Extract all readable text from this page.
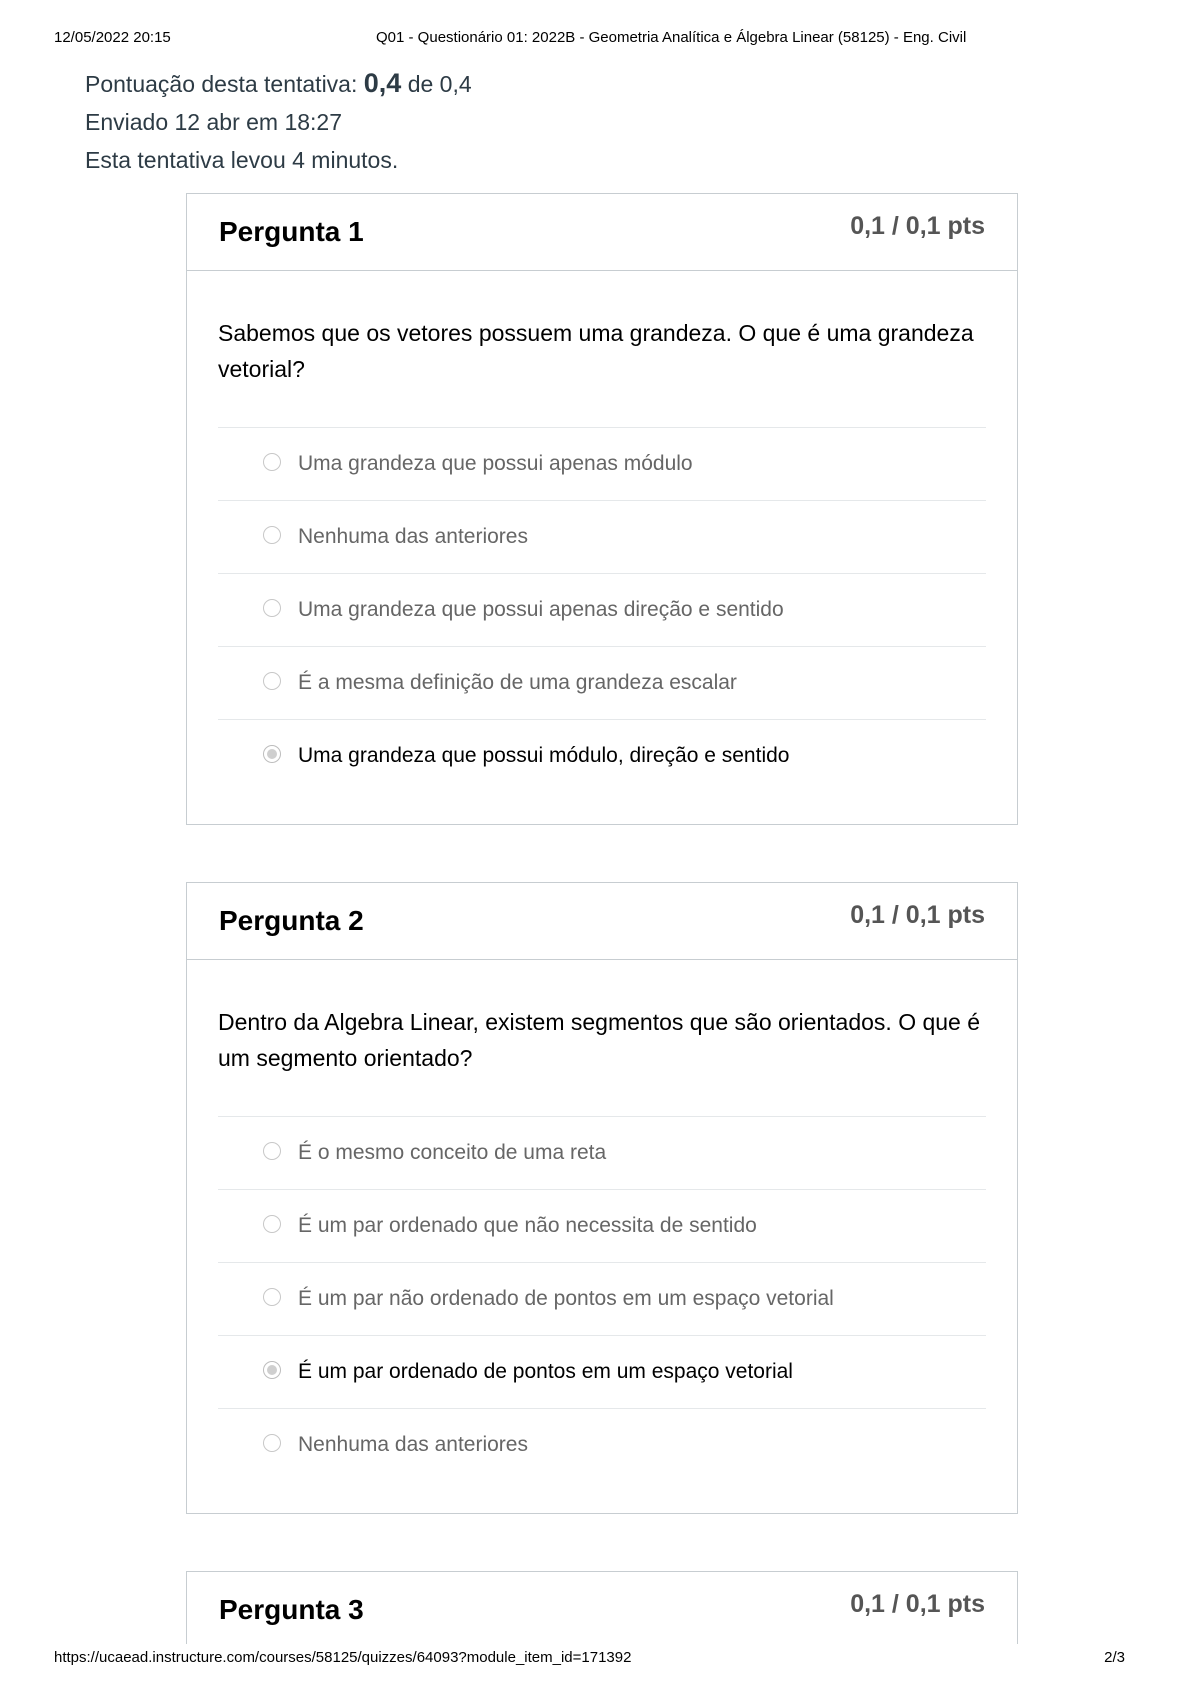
12/05/2022 20:15	Q01 - Questionário 01: 2022B - Geometria Analítica e Álgebra Linear (58125) - Eng. Civil
Pontuação desta tentativa: 0,4 de 0,4
Enviado 12 abr em 18:27
Esta tentativa levou 4 minutos.
Pergunta 1	0,1 / 0,1 pts
Sabemos que os vetores possuem uma grandeza. O que é uma grandeza vetorial?
Uma grandeza que possui apenas módulo
Nenhuma das anteriores
Uma grandeza que possui apenas direção e sentido
É a mesma definição de uma grandeza escalar
Uma grandeza que possui módulo, direção e sentido
Pergunta 2	0,1 / 0,1 pts
Dentro da Algebra Linear, existem segmentos que são orientados. O que é um segmento orientado?
É o mesmo conceito de uma reta
É um par ordenado que não necessita de sentido
É um par não ordenado de pontos em um espaço vetorial
É um par ordenado de pontos em um espaço vetorial
Nenhuma das anteriores
Pergunta 3	0,1 / 0,1 pts
https://ucaead.instructure.com/courses/58125/quizzes/64093?module_item_id=171392	2/3
